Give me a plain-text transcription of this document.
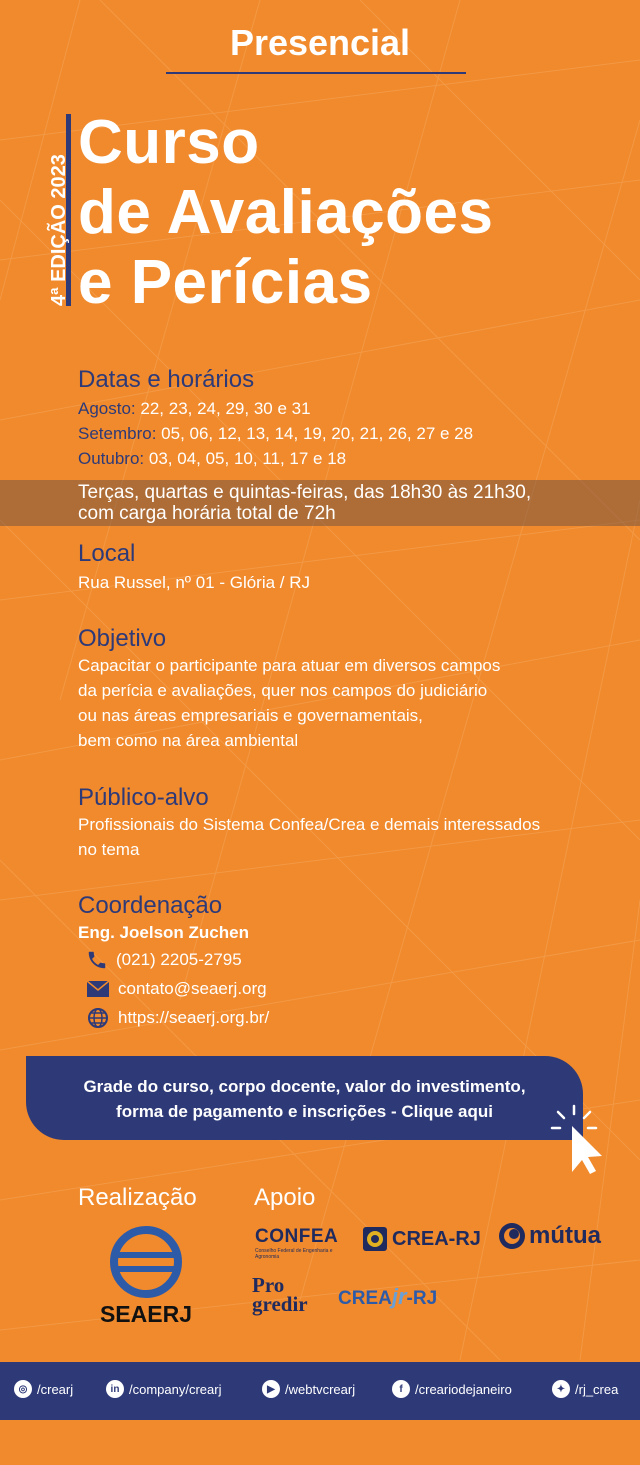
Presencial
4ª EDIÇÃO 2023
Curso
de Avaliações
e Perícias
Datas e horários
Agosto: 22, 23, 24, 29, 30 e 31
Setembro: 05, 06, 12, 13, 14, 19, 20, 21, 26, 27 e 28
Outubro: 03, 04, 05, 10, 11, 17 e 18
Terças, quartas e quintas-feiras, das 18h30 às 21h30,
com carga horária total de 72h
Local
Rua Russel, nº 01 - Glória / RJ
Objetivo
Capacitar o participante para atuar em diversos campos
da perícia e avaliações, quer nos campos do judiciário
ou nas áreas empresariais e governamentais,
bem como na área ambiental
Público-alvo
Profissionais do Sistema Confea/Crea e demais interessados
no tema
Coordenação
Eng. Joelson Zuchen
(021) 2205-2795
contato@seaerj.org
https://seaerj.org.br/
Grade do curso, corpo docente, valor do investimento,
forma de pagamento e inscrições - Clique aqui
Realização Apoio
SEAERJ
CONFEA
Conselho Federal de Engenharia e Agronomia
CREA-RJ mútua
Pro
gredir CREA jr -RJ
◎ /crearj	in /company/crearj	▶ /webtvcrearj	f /creariodejaneiro	✦ /rj_crea
